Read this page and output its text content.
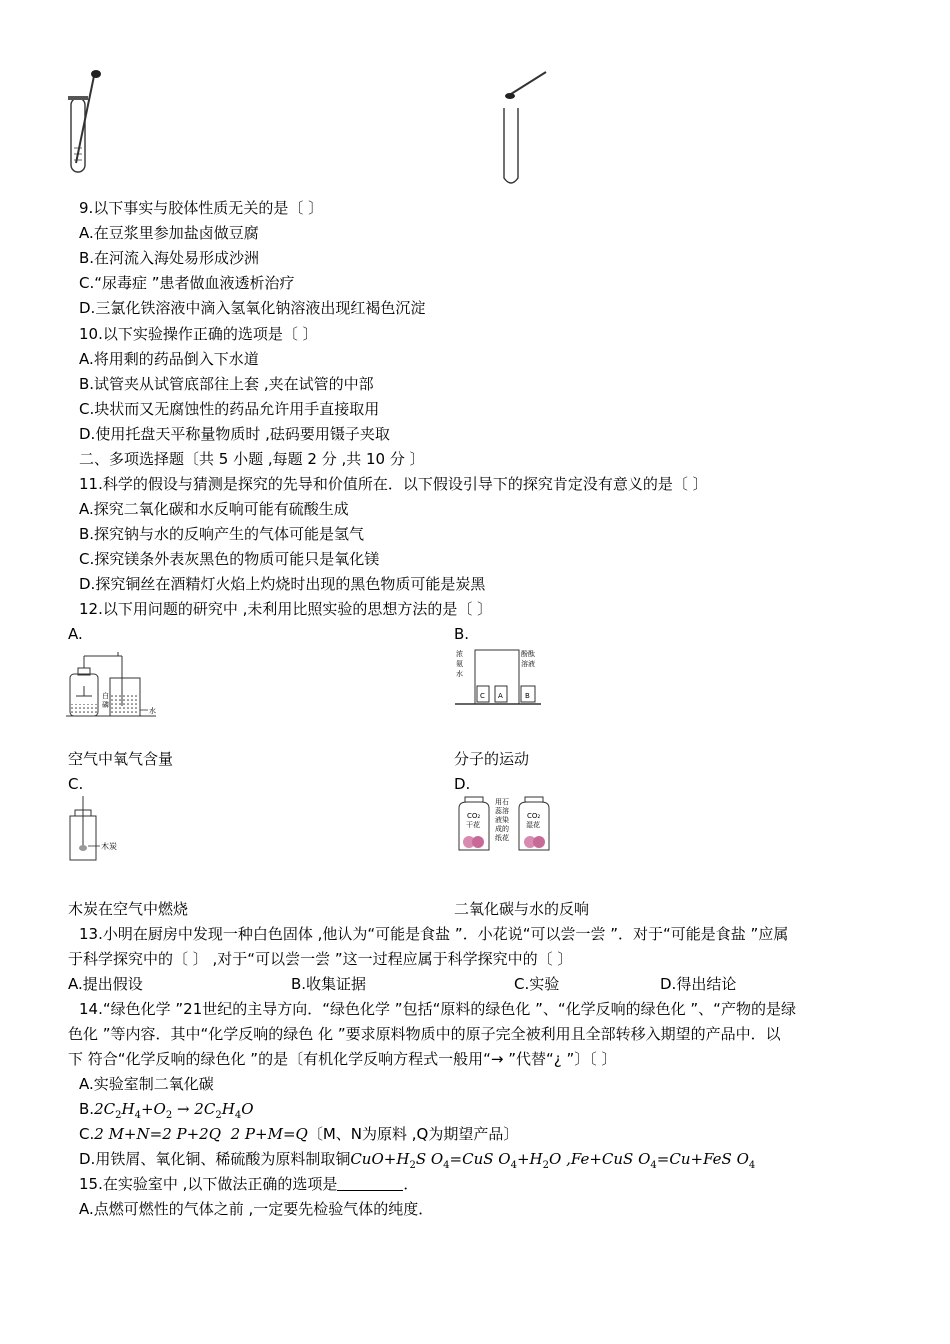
9.以下事实与胶体性质无关的是〔 〕
A.在豆浆里参加盐卤做豆腐
B.在河流入海处易形成沙洲
C.“尿毒症 ”患者做血液透析治疗
D.三氯化铁溶液中滴入氢氧化钠溶液出现红褐色沉淀
10.以下实验操作正确的选项是〔 〕
A.将用剩的药品倒入下水道
B.试管夹从试管底部往上套 ,夹在试管的中部
C.块状而又无腐蚀性的药品允许用手直接取用
D.使用托盘天平称量物质时 ,砝码要用镊子夹取
二、多项选择题〔共 5 小题 ,每题 2 分 ,共 10 分 〕
11.科学的假设与猜测是探究的先导和价值所在．以下假设引导下的探究肯定没有意义的是〔 〕
A.探究二氧化碳和水反响可能有硫酸生成
B.探究钠与水的反响产生的气体可能是氢气
C.探究镁条外表灰黑色的物质可能只是氧化镁
D.探究铜丝在酒精灯火焰上灼烧时出现的黑色物质可能是炭黑
12.以下用问题的研究中 ,未利用比照实验的思想方法的是〔 〕
A.	B.
白
磷
水
浓
氨
水
酚酞
溶液
C A	B
空气中氧气含量	分子的运动
C.	D.
木炭
CO₂
干花
用石
蕊溶
液染
成的
纸花
CO₂
湿花
木炭在空气中燃烧	二氧化碳与水的反响
13.小明在厨房中发现一种白色固体 ,他认为“可能是食盐 ”．小花说“可以尝一尝 ”．对于“可能是食盐 ”应属
于科学探究中的〔 〕 ,对于“可以尝一尝 ”这一过程应属于科学探究中的〔 〕
A.提出假设	B.收集证据	C.实验	D.得出结论
14.“绿色化学 ”21世纪的主导方向．“绿色化学 ”包括“原料的绿色化 ”、“化学反响的绿色化 ”、“产物的是绿
色化 ”等内容．其中“化学反响的绿色 化 ”要求原料物质中的原子完全被利用且全部转移入期望的产品中．以
下 符合“化学反响的绿色化 ”的是〔有机化学反响方程式一般用“→ ”代替“¿ ”〕〔 〕
A.实验室制二氧化碳
$B.2C_2H_4+O_2 \to 2C_2H_4O$
C.2 M+N=2 P+2Q  2 P+M=Q〔M、N为原料 ,Q为期望产品〕
D.用铁屑、氧化铜、稀硫酸为原料制取铜$CuO+H_2S$ $O_4=CuS$ $O_4+H_2O$ ,Fe+CuS $O_4=Cu+FeS$ $O_4$
15.在实验室中 ,以下做法正确的选项是	．
A.点燃可燃性的气体之前 ,一定要先检验气体的纯度．
